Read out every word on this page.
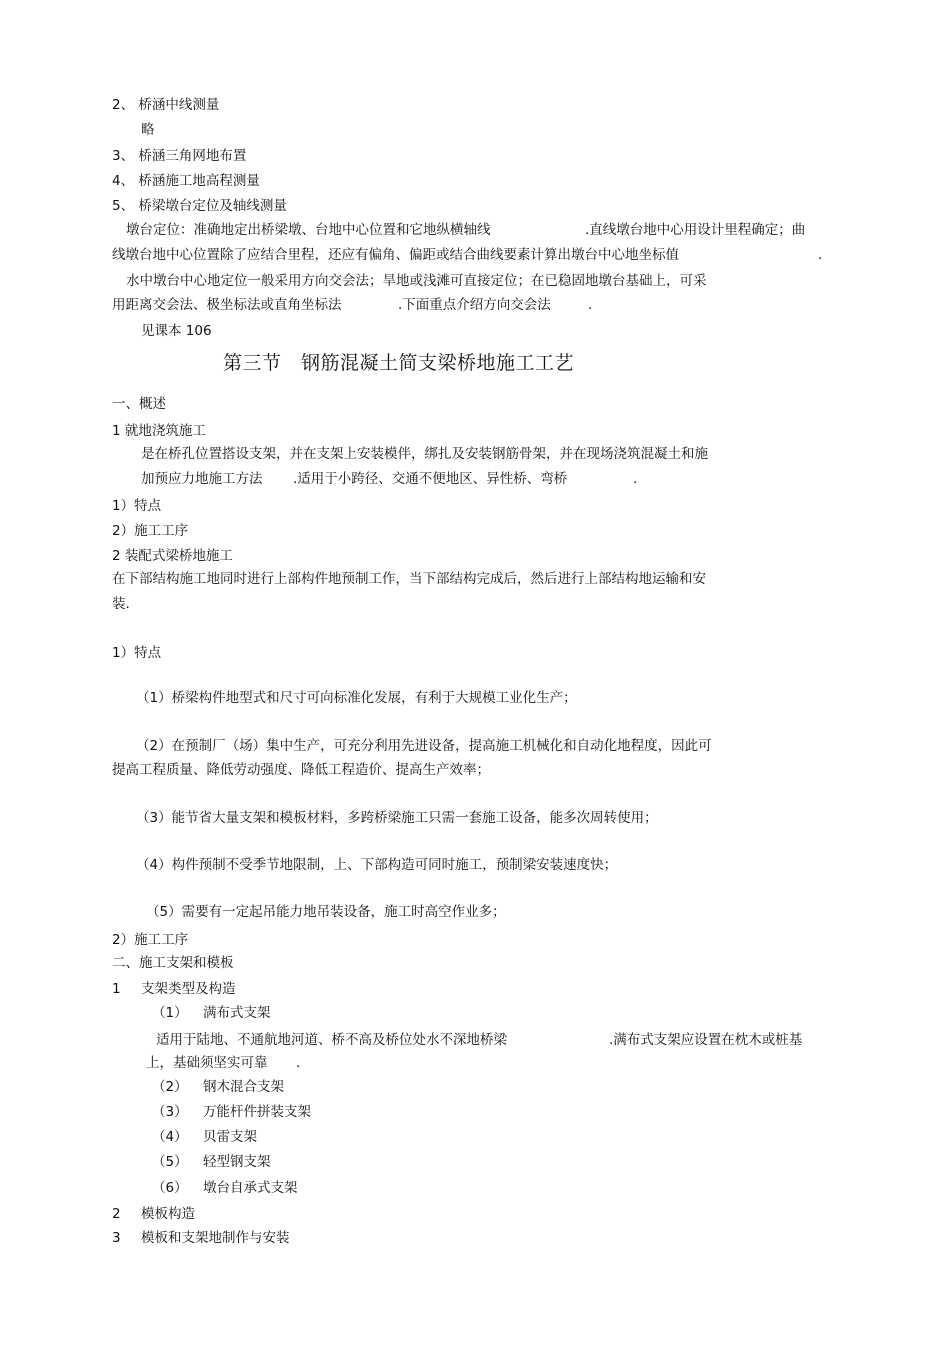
2、 桥涵中线测量
略
3、 桥涵三角网地布置
4、 桥涵施工地高程测量
5、 桥梁墩台定位及轴线测量
墩台定位：准确地定出桥梁墩、台地中心位置和它地纵横轴线	.直线墩台地中心用设计里程确定；曲
线墩台地中心位置除了应结合里程，还应有偏角、偏距或结合曲线要素计算出墩台中心地坐标值	.
水中墩台中心地定位一般采用方向交会法；旱地或浅滩可直接定位；在已稳固地墩台基础上，可采
用距离交会法、极坐标法或直角坐标法	.下面重点介绍方向交会法	.
见课本 106
第三节　钢筋混凝土简支梁桥地施工工艺
一、概述
1 就地浇筑施工
是在桥孔位置搭设支架，并在支架上安装模伴，绑扎及安装钢筋骨架，并在现场浇筑混凝土和施
加预应力地施工方法 .适用于小跨径、交通不便地区、异性桥、弯桥	.
1）特点
2）施工工序
2 装配式梁桥地施工
在下部结构施工地同时进行上部构件地预制工作，当下部结构完成后，然后进行上部结构地运输和安
装.
1）特点
（1）桥梁构件地型式和尺寸可向标准化发展，有利于大规模工业化生产；
（2）在预制厂（场）集中生产，可充分利用先进设备，提高施工机械化和自动化地程度，因此可
提高工程质量、降低劳动强度、降低工程造价、提高生产效率；
（3）能节省大量支架和模板材料，多跨桥梁施工只需一套施工设备，能多次周转使用；
（4）构件预制不受季节地限制，上、下部构造可同时施工，预制梁安装速度快；
（5）需要有一定起吊能力地吊装设备，施工时高空作业多；
2）施工工序
二、施工支架和模板
1 支架类型及构造
（1） 满布式支架
适用于陆地、不通航地河道、桥不高及桥位处水不深地桥梁	.满布式支架应设置在枕木或桩基
上，基础须坚实可靠 .
（2） 钢木混合支架
（3） 万能杆件拼装支架
（4） 贝雷支架
（5） 轻型钢支架
（6） 墩台自承式支架
2 模板构造
3 模板和支架地制作与安装
